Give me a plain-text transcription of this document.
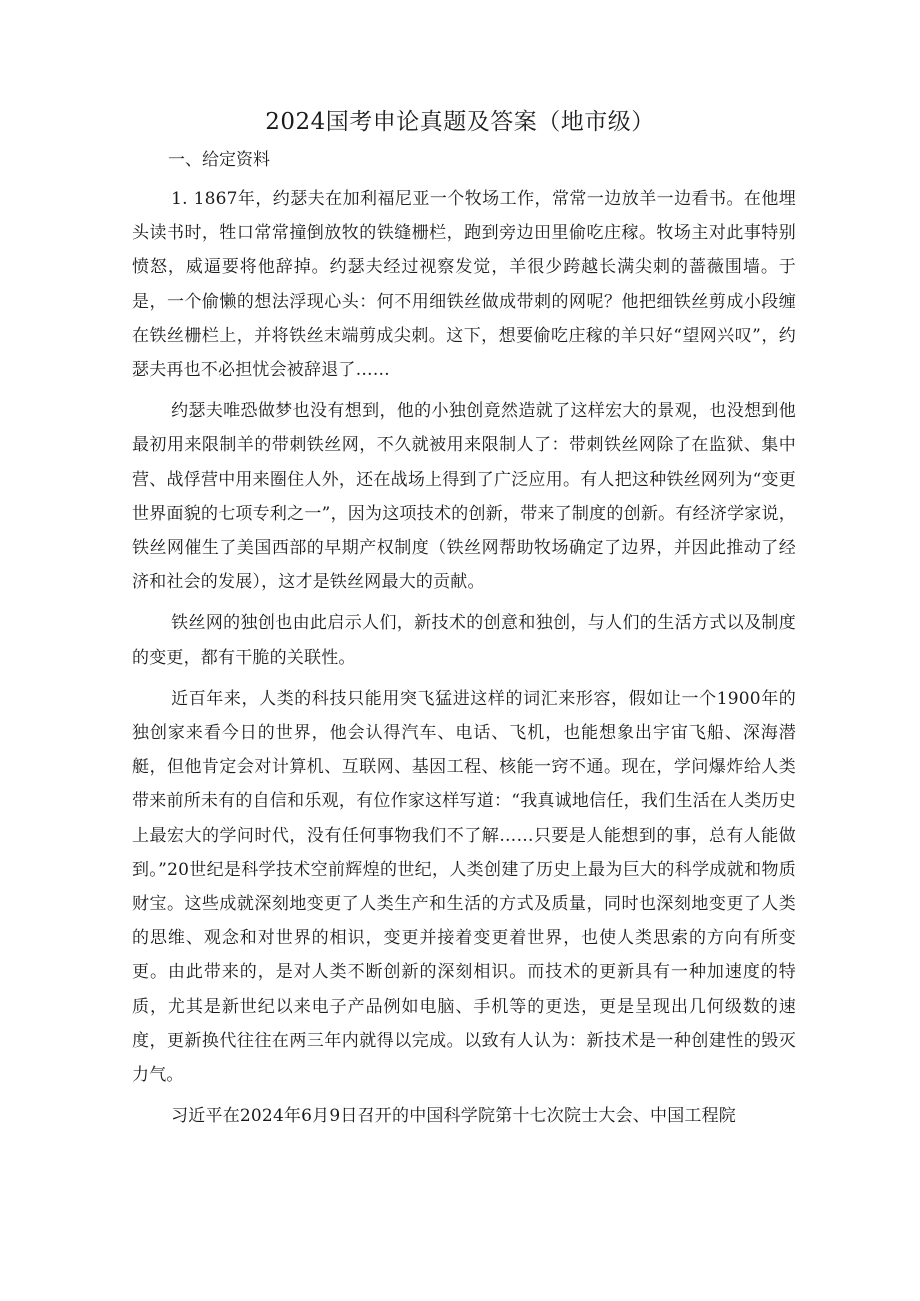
2024国考申论真题及答案（地市级）
一、给定资料

1. 1867年，约瑟夫在加利福尼亚一个牧场工作，常常一边放羊一边看书。在他埋头读书时，牲口常常撞倒放牧的铁缝栅栏，跑到旁边田里偷吃庄稼。牧场主对此事特别愤怒，威逼要将他辞掉。约瑟夫经过视察发觉，羊很少跨越长满尖刺的蔷薇围墙。于是，一个偷懒的想法浮现心头：何不用细铁丝做成带刺的网呢？他把细铁丝剪成小段缠在铁丝栅栏上，并将铁丝末端剪成尖刺。这下，想要偷吃庄稼的羊只好“望网兴叹”，约瑟夫再也不必担忧会被辞退了……

约瑟夫唯恐做梦也没有想到，他的小独创竟然造就了这样宏大的景观，也没想到他最初用来限制羊的带刺铁丝网，不久就被用来限制人了：带刺铁丝网除了在监狱、集中营、战俘营中用来圈住人外，还在战场上得到了广泛应用。有人把这种铁丝网列为“变更世界面貌的七项专利之一”，因为这项技术的创新，带来了制度的创新。有经济学家说，铁丝网催生了美国西部的早期产权制度（铁丝网帮助牧场确定了边界，并因此推动了经济和社会的发展），这才是铁丝网最大的贡献。

铁丝网的独创也由此启示人们，新技术的创意和独创，与人们的生活方式以及制度的变更，都有干脆的关联性。

近百年来，人类的科技只能用突飞猛进这样的词汇来形容，假如让一个1900年的独创家来看今日的世界，他会认得汽车、电话、飞机，也能想象出宇宙飞船、深海潜艇，但他肯定会对计算机、互联网、基因工程、核能一窍不通。现在，学问爆炸给人类带来前所未有的自信和乐观，有位作家这样写道：“我真诚地信任，我们生活在人类历史上最宏大的学问时代，没有任何事物我们不了解……只要是人能想到的事，总有人能做到。”20世纪是科学技术空前辉煌的世纪，人类创建了历史上最为巨大的科学成就和物质财宝。这些成就深刻地变更了人类生产和生活的方式及质量，同时也深刻地变更了人类的思维、观念和对世界的相识，变更并接着变更着世界，也使人类思索的方向有所变更。由此带来的，是对人类不断创新的深刻相识。而技术的更新具有一种加速度的特质，尤其是新世纪以来电子产品例如电脑、手机等的更迭，更是呈现出几何级数的速度，更新换代往往在两三年内就得以完成。以致有人认为：新技术是一种创建性的毁灭力气。

习近平在2024年6月9日召开的中国科学院第十七次院士大会、中国工程院
